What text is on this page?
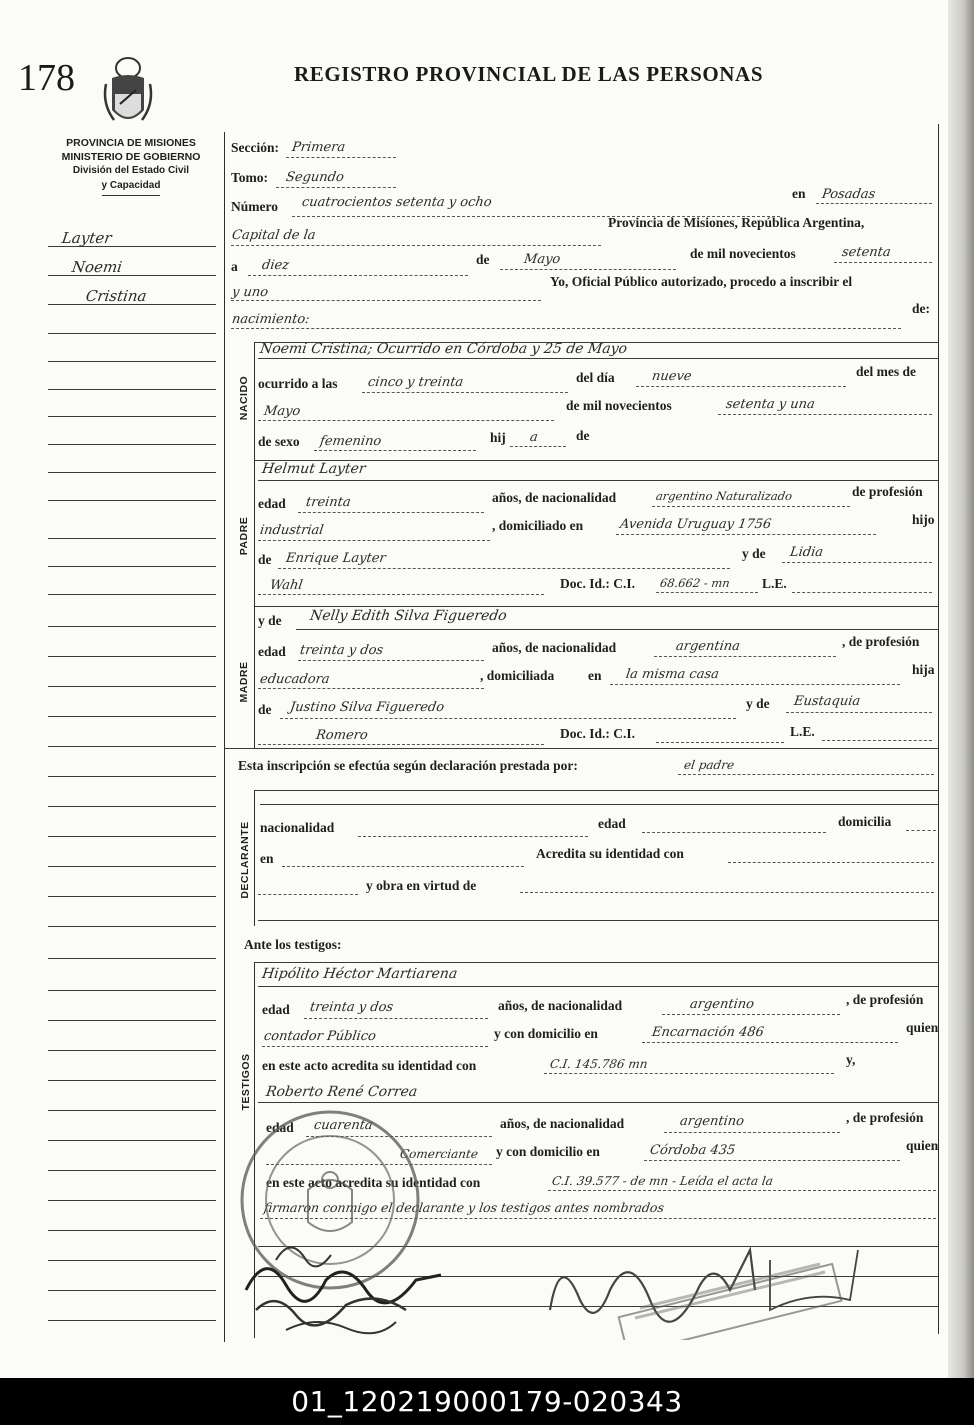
178	REGISTRO PROVINCIAL DE LAS PERSONAS
PROVINCIA DE MISIONES
MINISTERIO DE GOBIERNO
División del Estado Civil
y Capacidad
Layter
Noemi
Cristina
Sección: Primera
Tomo: Segundo
Número cuatrocientos setenta y ocho
en Posadas
Capital de la
Provincia de Misiones, República Argentina,
a diez	de	Mayo	de mil novecientos	setenta
y uno
Yo, Oficial Público autorizado, procedo a inscribir el
nacimiento:
de:
NACIDO
Noemi Cristina; Ocurrido en Córdoba y 25 de Mayo
ocurrido a las cinco y treinta	del día	nueve	del mes de
Mayo	de mil novecientos	setenta y una
de sexo femenino	hij a	de
PADRE
Helmut Layter
edad treinta	años, de nacionalidad	argentino Naturalizado	de profesión
industrial	, domiciliado en	Avenida Uruguay 1756	hijo
de Enrique Layter	y de Lidia
Wahl	Doc. Id.: C.I. 68.662 - mn L.E.
MADRE
y de Nelly Edith Silva Figueredo
edad treinta y dos	años, de nacionalidad	argentina	, de profesión
educadora	, domiciliada en la misma casa	hija
de Justino Silva Figueredo	y de Eustaquia
Romero	Doc. Id.: C.I.	L.E.
Esta inscripción se efectúa según declaración prestada por:	el padre
DECLARANTE nacionalidad	edad	domicilia
en	Acredita su identidad con
y obra en virtud de
Ante los testigos:
TESTIGOS
Hipólito Héctor Martiarena
edad treinta y dos	años, de nacionalidad	argentino	, de profesión
contador Público	y con domicilio en	Encarnación 486	quien
en este acto acredita su identidad con	C.I. 145.786 mn	y,
Roberto René Correa
edad cuarenta	años, de nacionalidad	argentino	, de profesión
Comerciante y con domicilio en	Córdoba 435	quien
en este acto acredita su identidad con	C.I. 39.577 - de mn - Leída el acta la
firmaron conmigo el declarante y los testigos antes nombrados
01_120219000179-020343
